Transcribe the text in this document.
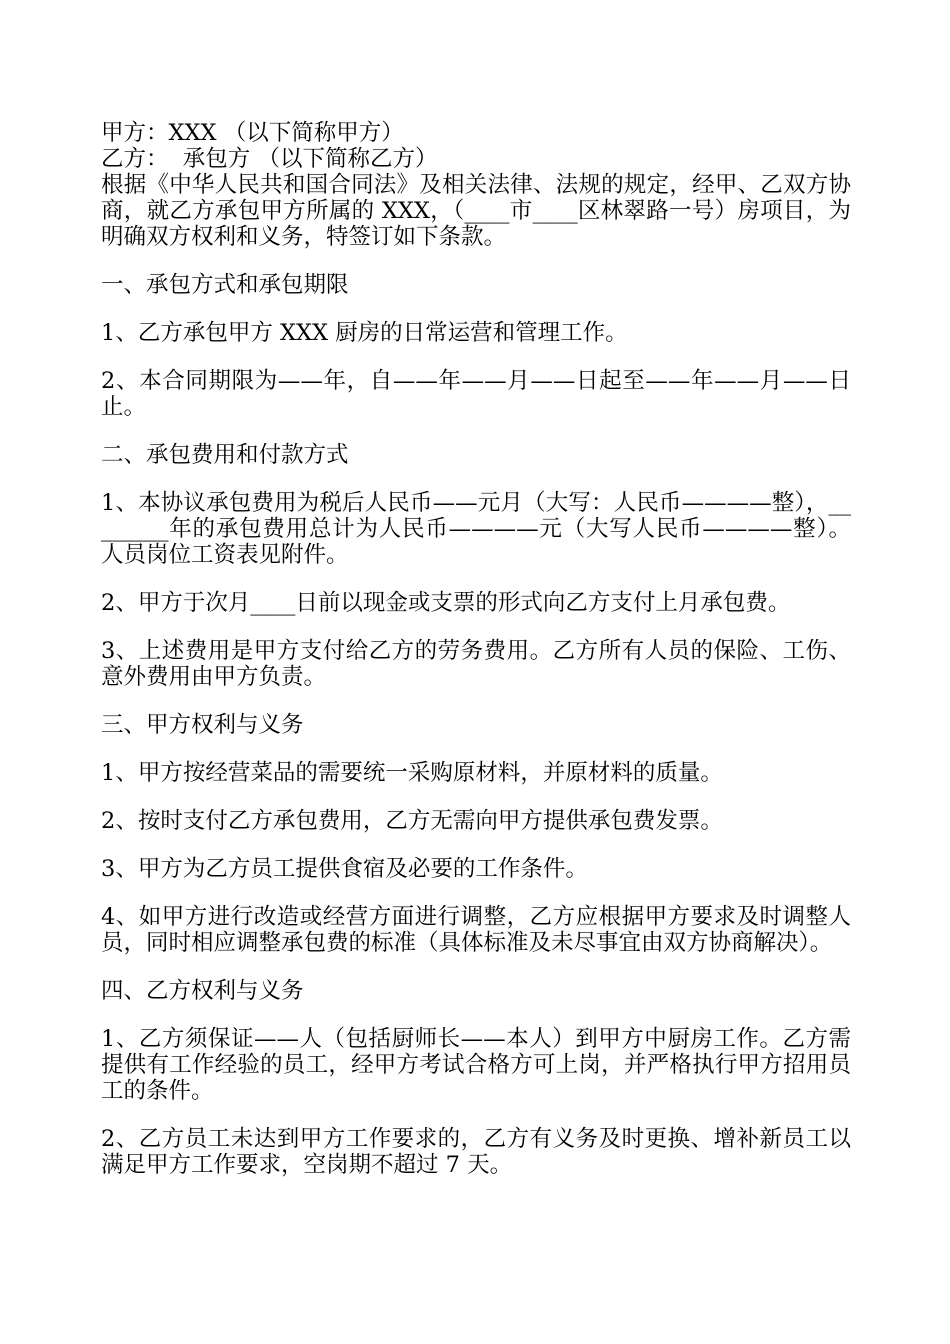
甲方：XXX （以下简称甲方）

乙方：  承包方 （以下简称乙方）

根据《中华人民共和国合同法》及相关法律、法规的规定，经甲、乙双方协商，就乙方承包甲方所属的 XXX，（____市____区林翠路一号）房项目，为明确双方权利和义务，特签订如下条款。

一、承包方式和承包期限

1、乙方承包甲方 XXX 厨房的日常运营和管理工作。

2、本合同期限为——年，自——年——月——日起至——年——月——日止。

二、承包费用和付款方式

1、本协议承包费用为税后人民币——元月（大写：人民币————整），________年的承包费用总计为人民币————元（大写人民币————整）。人员岗位工资表见附件。

2、甲方于次月____日前以现金或支票的形式向乙方支付上月承包费。

3、上述费用是甲方支付给乙方的劳务费用。乙方所有人员的保险、工伤、意外费用由甲方负责。

三、甲方权利与义务

1、甲方按经营菜品的需要统一采购原材料，并原材料的质量。

2、按时支付乙方承包费用，乙方无需向甲方提供承包费发票。

3、甲方为乙方员工提供食宿及必要的工作条件。

4、如甲方进行改造或经营方面进行调整，乙方应根据甲方要求及时调整人员，同时相应调整承包费的标准（具体标准及未尽事宜由双方协商解决）。

四、乙方权利与义务

1、乙方须保证——人（包括厨师长——本人）到甲方中厨房工作。乙方需提供有工作经验的员工，经甲方考试合格方可上岗，并严格执行甲方招用员工的条件。

2、乙方员工未达到甲方工作要求的，乙方有义务及时更换、增补新员工以满足甲方工作要求，空岗期不超过 7 天。
